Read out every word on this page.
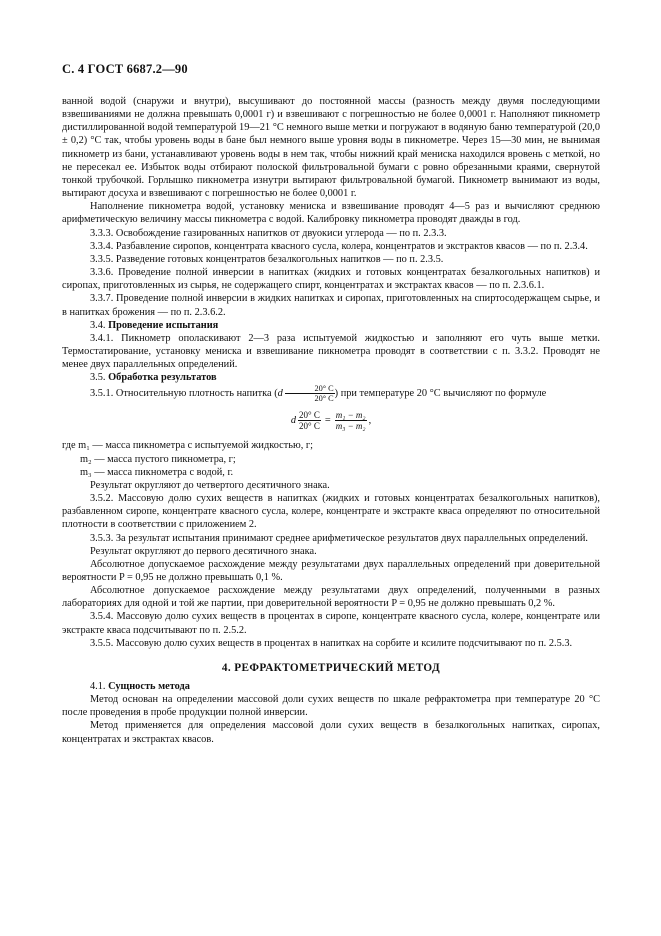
С. 4 ГОСТ 6687.2—90

ванной водой (снаружи и внутри), высушивают до постоянной массы (разность между двумя последующими взвешиваниями не должна превышать 0,0001 г) и взвешивают с погрешностью не более 0,0001 г. Наполняют пикнометр дистиллированной водой температурой 19—21 °С немного выше метки и погружают в водяную баню температурой (20,0 ± 0,2) °С так, чтобы уровень воды в бане был немного выше уровня воды в пикнометре. Через 15—30 мин, не вынимая пикнометр из бани, устанавливают уровень воды в нем так, чтобы нижний край мениска находился вровень с меткой, но не пересекал ее. Избыток воды отбирают полоской фильтровальной бумаги с ровно обрезанными краями, свернутой тонкой трубочкой. Горлышко пикнометра изнутри вытирают фильтровальной бумагой. Пикнометр вынимают из воды, вытирают досуха и взвешивают с погрешностью не более 0,0001 г.

Наполнение пикнометра водой, установку мениска и взвешивание проводят 4—5 раз и вычисляют среднюю арифметическую величину массы пикнометра с водой. Калибровку пикнометра проводят дважды в год.

3.3.3. Освобождение газированных напитков от двуокиси углерода — по п. 2.3.3.

3.3.4. Разбавление сиропов, концентрата квасного сусла, колера, концентратов и экстрактов квасов — по п. 2.3.4.

3.3.5. Разведение готовых концентратов безалкогольных напитков — по п. 2.3.5.

3.3.6. Проведение полной инверсии в напитках (жидких и готовых концентратах безалкогольных напитков) и сиропах, приготовленных из сырья, не содержащего спирт, концентратах и экстрактах квасов — по п. 2.3.6.1.

3.3.7. Проведение полной инверсии в жидких напитках и сиропах, приготовленных на спиртосодержащем сырье, и в напитках брожения — по п. 2.3.6.2.

3.4. Проведение испытания

3.4.1. Пикнометр ополаскивают 2—3 раза испытуемой жидкостью и заполняют его чуть выше метки. Термостатирование, установку мениска и взвешивание пикнометра проводят в соответствии с п. 3.3.2. Проводят не менее двух параллельных определений.

3.5. Обработка результатов

3.5.1. Относительную плотность напитка ($d \frac{20^\circ С}{20^\circ С}$ ) при температуре 20 °С вычисляют по формуле

d $\frac{20^\circ С}{20^\circ С} = \frac{\text{m₁ − m₂}}{\text{m₃ − m₂}}$ ,

где m₁ — масса пикнометра с испытуемой жидкостью, г;

m₂ — масса пустого пикнометра, г;

m₃ — масса пикнометра с водой, г.

Результат округляют до четвертого десятичного знака.

3.5.2. Массовую долю сухих веществ в напитках (жидких и готовых концентратах безалкогольных напитков), разбавленном сиропе, концентрате квасного сусла, колере, концентрате и экстракте кваса определяют по относительной плотности в соответствии с приложением 2.

3.5.3. За результат испытания принимают среднее арифметическое результатов двух параллельных определений.

Результат округляют до первого десятичного знака.

Абсолютное допускаемое расхождение между результатами двух параллельных определений при доверительной вероятности P = 0,95 не должно превышать 0,1 %.

Абсолютное допускаемое расхождение между результатами двух определений, полученными в разных лабораториях для одной и той же партии, при доверительной вероятности P = 0,95 не должно превышать 0,2 %.

3.5.4. Массовую долю сухих веществ в процентах в сиропе, концентрате квасного сусла, колере, концентрате или экстракте кваса подсчитывают по п. 2.5.2.

3.5.5. Массовую долю сухих веществ в процентах в напитках на сорбите и ксилите подсчитывают по п. 2.5.3.

4. РЕФРАКТОМЕТРИЧЕСКИЙ МЕТОД

4.1. Сущность метода

Метод основан на определении массовой доли сухих веществ по шкале рефрактометра при температуре 20 °С после проведения в пробе продукции полной инверсии.

Метод применяется для определения массовой доли сухих веществ в безалкогольных напитках, сиропах, концентратах и экстрактах квасов.
